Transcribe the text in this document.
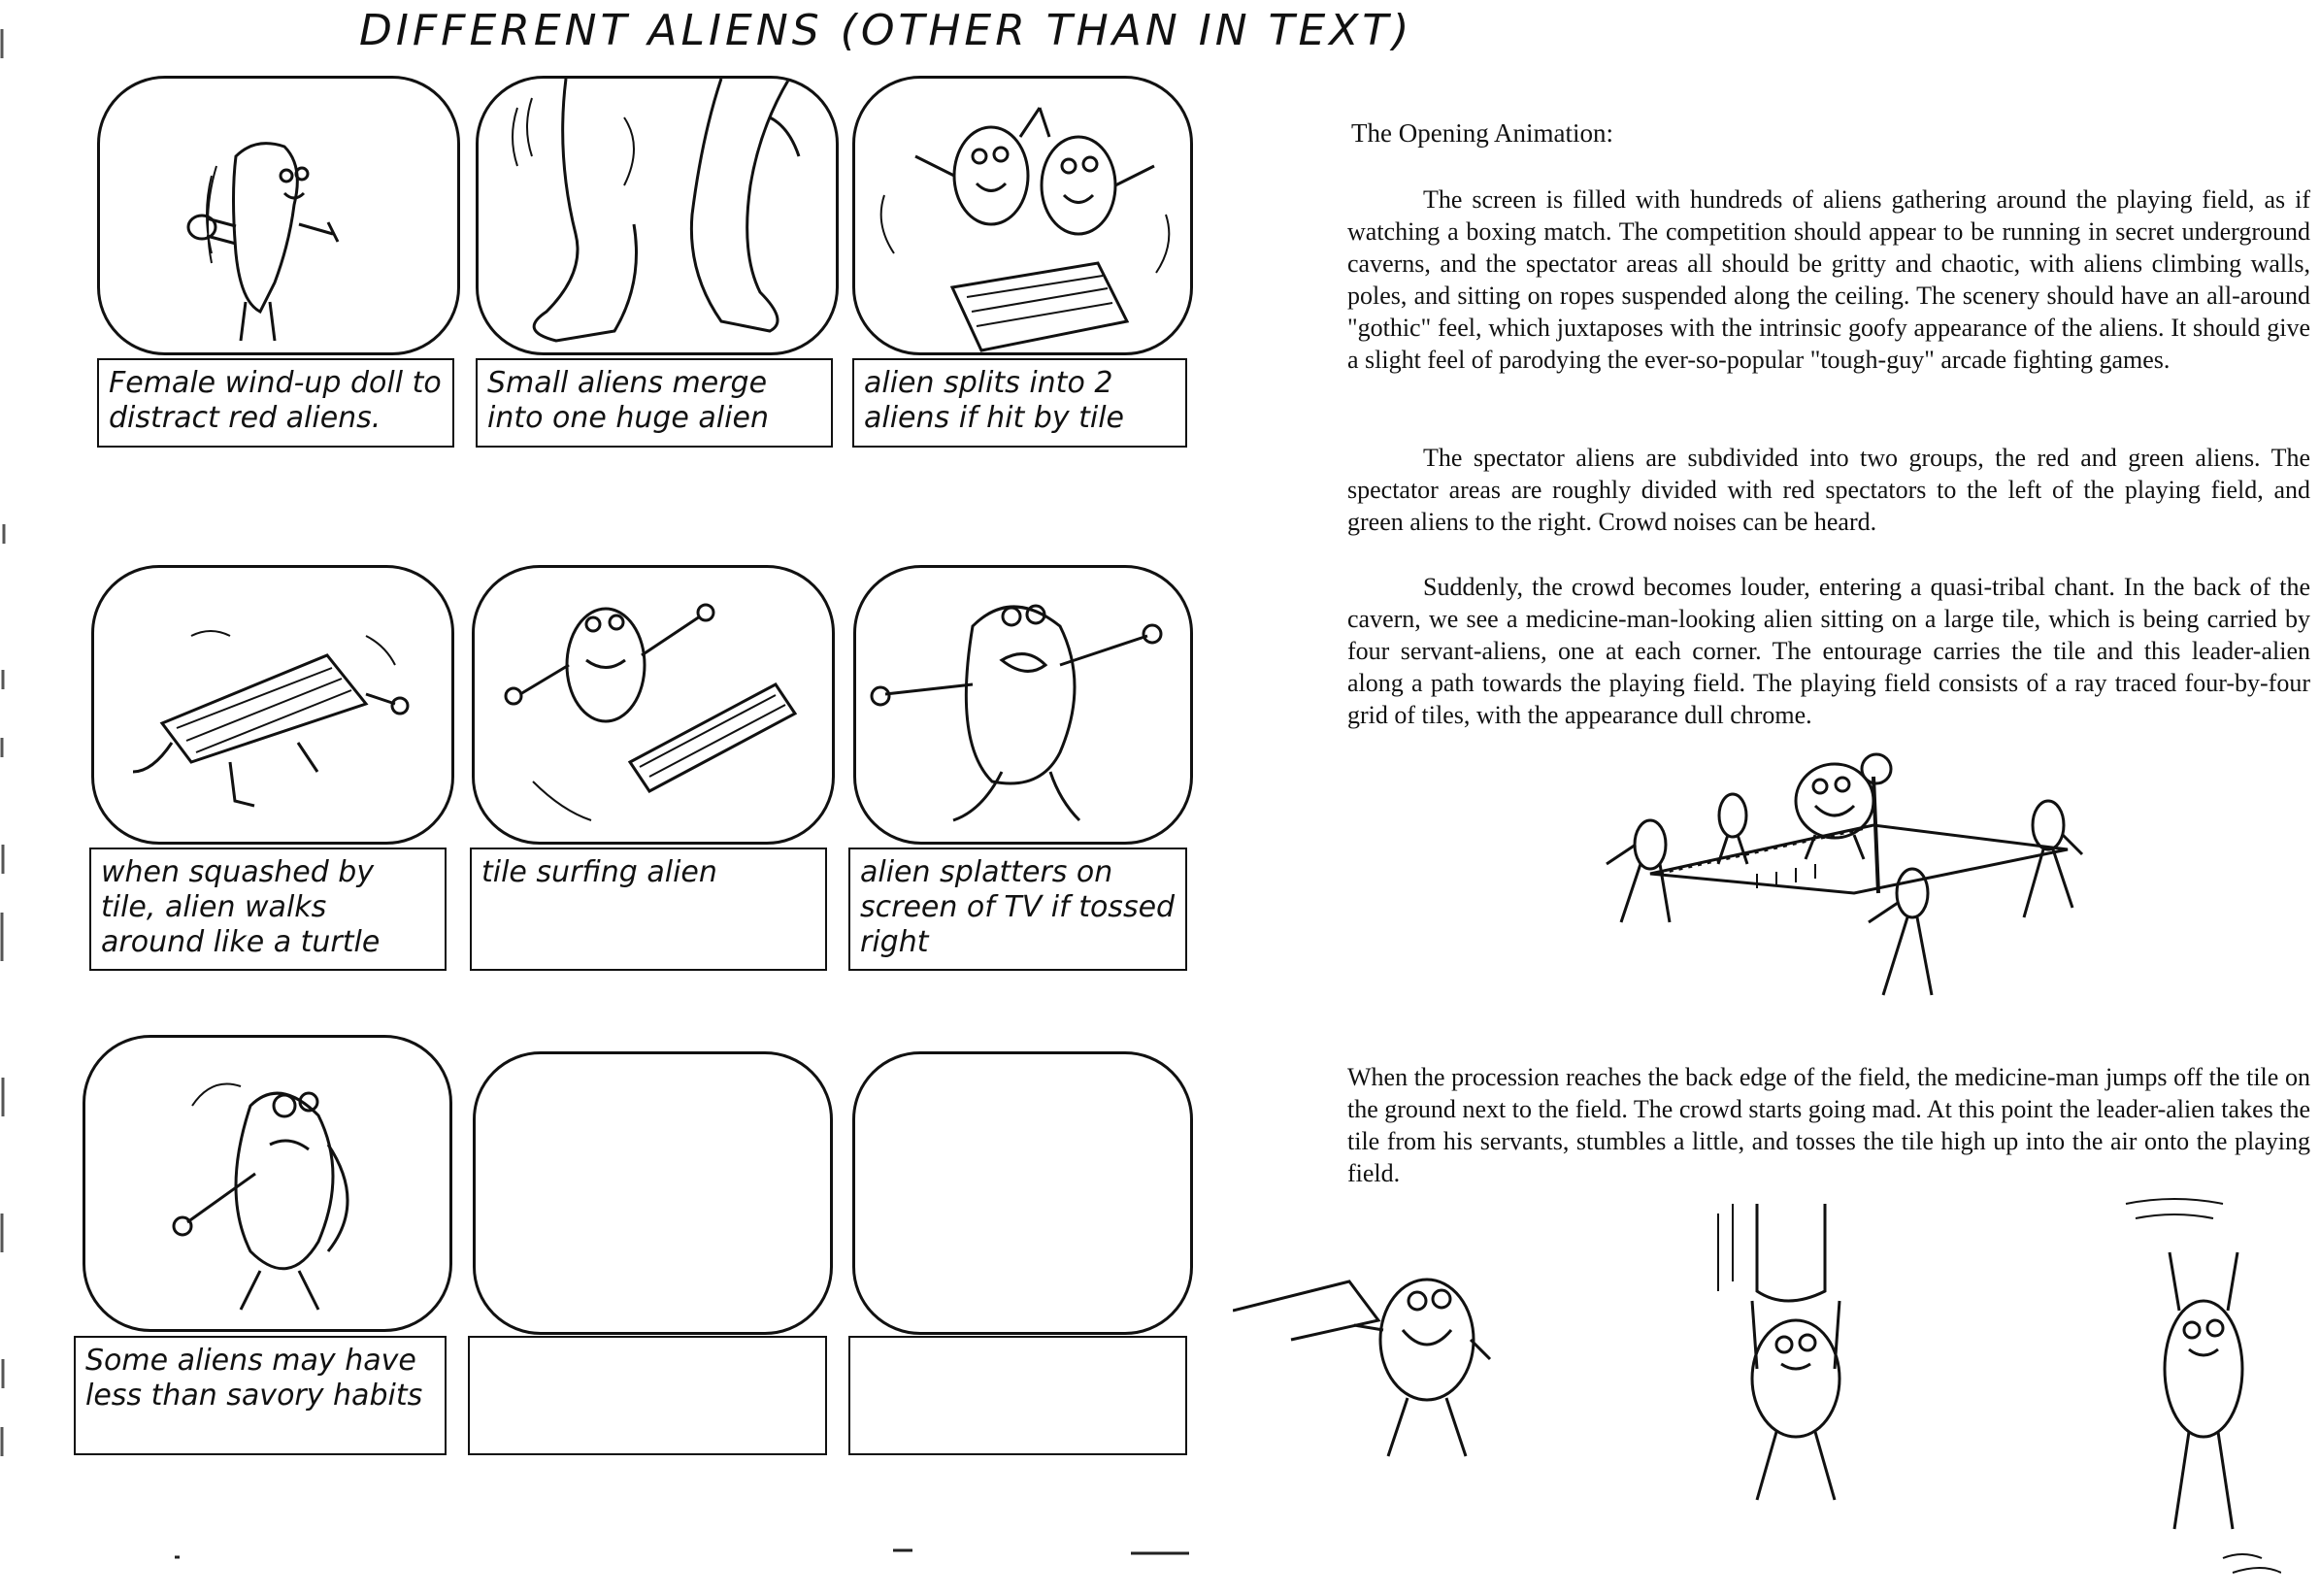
DIFFERENT ALIENS (OTHER THAN IN TEXT)
Female wind-up doll to distract red aliens.
Small aliens merge into one huge alien
alien splits into 2 aliens if hit by tile
when squashed by tile, alien walks around like a turtle
tile surfing alien	alien splatters on screen of TV if tossed right
Some aliens may have less than savory habits
The Opening Animation:

The screen is filled with hundreds of aliens gathering around the playing field, as if watching a boxing match. The competition should appear to be running in secret underground caverns, and the spectator areas all should be gritty and chaotic, with aliens climbing walls, poles, and sitting on ropes suspended along the ceiling. The scenery should have an all-around "gothic" feel, which juxtaposes with the intrinsic goofy appearance of the aliens. It should give a slight feel of parodying the ever-so-popular "tough-guy" arcade fighting games.

The spectator aliens are subdivided into two groups, the red and green aliens. The spectator areas are roughly divided with red spectators to the left of the playing field, and green aliens to the right. Crowd noises can be heard.

Suddenly, the crowd becomes louder, entering a quasi-tribal chant. In the back of the cavern, we see a medicine-man-looking alien sitting on a large tile, which is being carried by four servant-aliens, one at each corner. The entourage carries the tile and this leader-alien along a path towards the playing field. The playing field consists of a ray traced four-by-four grid of tiles, with the appearance dull chrome.

When the procession reaches the back edge of the field, the medicine-man jumps off the tile on the ground next to the field. The crowd starts going mad. At this point the leader-alien takes the tile from his servants, stumbles a little, and tosses the tile high up into the air onto the playing field.
